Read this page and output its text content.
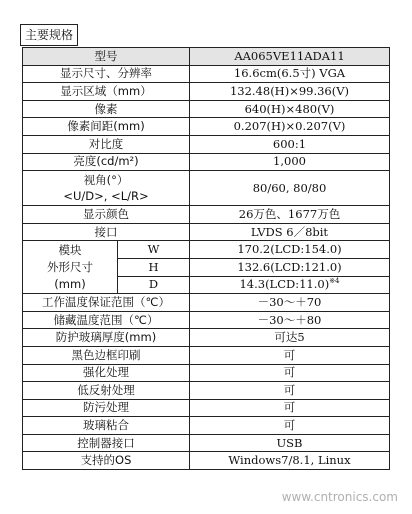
主要规格
型号		AA065VE11ADA11
显示尺寸、分辨率		16.6cm(6.5寸) VGA
显示区域（mm）		132.48(H)×99.36(V)
像素		640(H)×480(V)
像素间距(mm)		0.207(H)×0.207(V)
对比度		600:1
亮度(cd/m²)		1,000
视角(°）
<U/D>, <L/R>		80/60, 80/80
显示颜色		26万色、1677万色
接口		LVDS 6／8bit
模块
外形尺寸
(mm)	W	170.2(LCD:154.0)
	H	132.6(LCD:121.0)
	D	14.3(LCD:11.0)$^{※4}$
工作温度保证范围（℃）		－30～＋70
储藏温度范围（℃）		－30～＋80
防护玻璃厚度(mm)		可达5
黑色边框印刷		可
强化处理		可
低反射处理		可
防污处理		可
玻璃粘合		可
控制器接口		USB
支持的OS		Windows7/8.1, Linux
www.cntronics.com
